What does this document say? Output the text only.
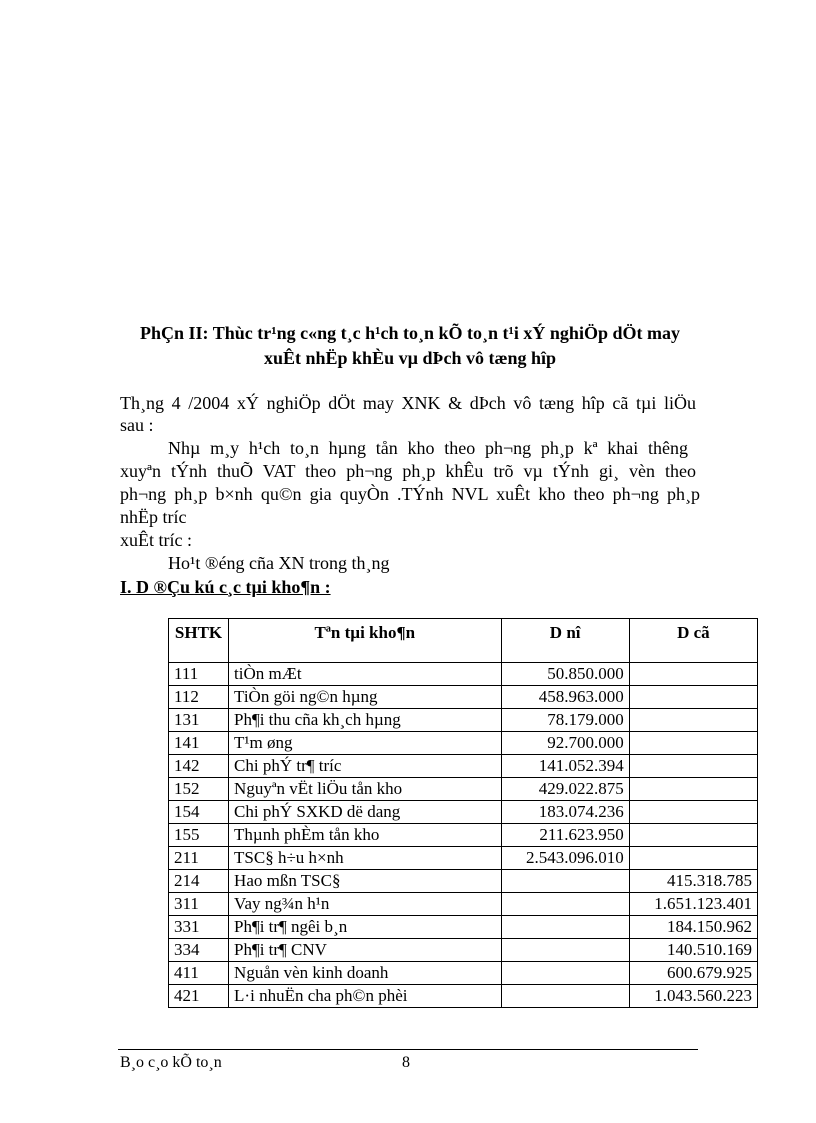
PhÇn II: Thùc tr¹ng c«ng t¸c h¹ch to¸n kÕ to¸n t¹i xÝ nghiÖp dÖt may
xuÊt nhËp khÈu vµ dÞch vô tæng hîp
Th¸ng 4 /2004 xÝ nghiÖp dÖt may XNK & dÞch vô tæng hîp cã tµi liÖu
sau :
Nhµ m¸y h¹ch to¸n hµng tån kho theo ph¬ng ph¸p kª khai thêng
xuyªn tÝnh thuÕ VAT theo ph¬ng ph¸p khÊu trõ vµ tÝnh gi¸ vèn theo
ph¬ng ph¸p b×nh qu©n gia quyÒn .TÝnh NVL xuÊt kho theo ph¬ng ph¸p
nhËp tríc
xuÊt tríc :
Ho¹t ®éng cña XN trong th¸ng
I. D ®Çu kú c¸c tµi kho¶n :
SHTK	Tªn tµi kho¶n	D nî	D cã
111	tiÒn mÆt	50.850.000	
112	TiÒn göi ng©n hµng	458.963.000	
131	Ph¶i thu cña kh¸ch hµng	78.179.000	
141	T¹m øng	92.700.000	
142	Chi phÝ tr¶ tríc	141.052.394	
152	Nguyªn vËt liÖu tån kho	429.022.875	
154	Chi phÝ SXKD dë dang	183.074.236	
155	Thµnh phÈm tån kho	211.623.950	
211	TSC§ h÷u h×nh	2.543.096.010	
214	Hao mßn TSC§		415.318.785
311	Vay ng¾n h¹n		1.651.123.401
331	Ph¶i tr¶ ngêi b¸n		184.150.962
334	Ph¶i tr¶ CNV		140.510.169
411	Nguån vèn kinh doanh		600.679.925
421	L·i nhuËn cha ph©n phèi		1.043.560.223
B¸o c¸o kÕ to¸n	8
